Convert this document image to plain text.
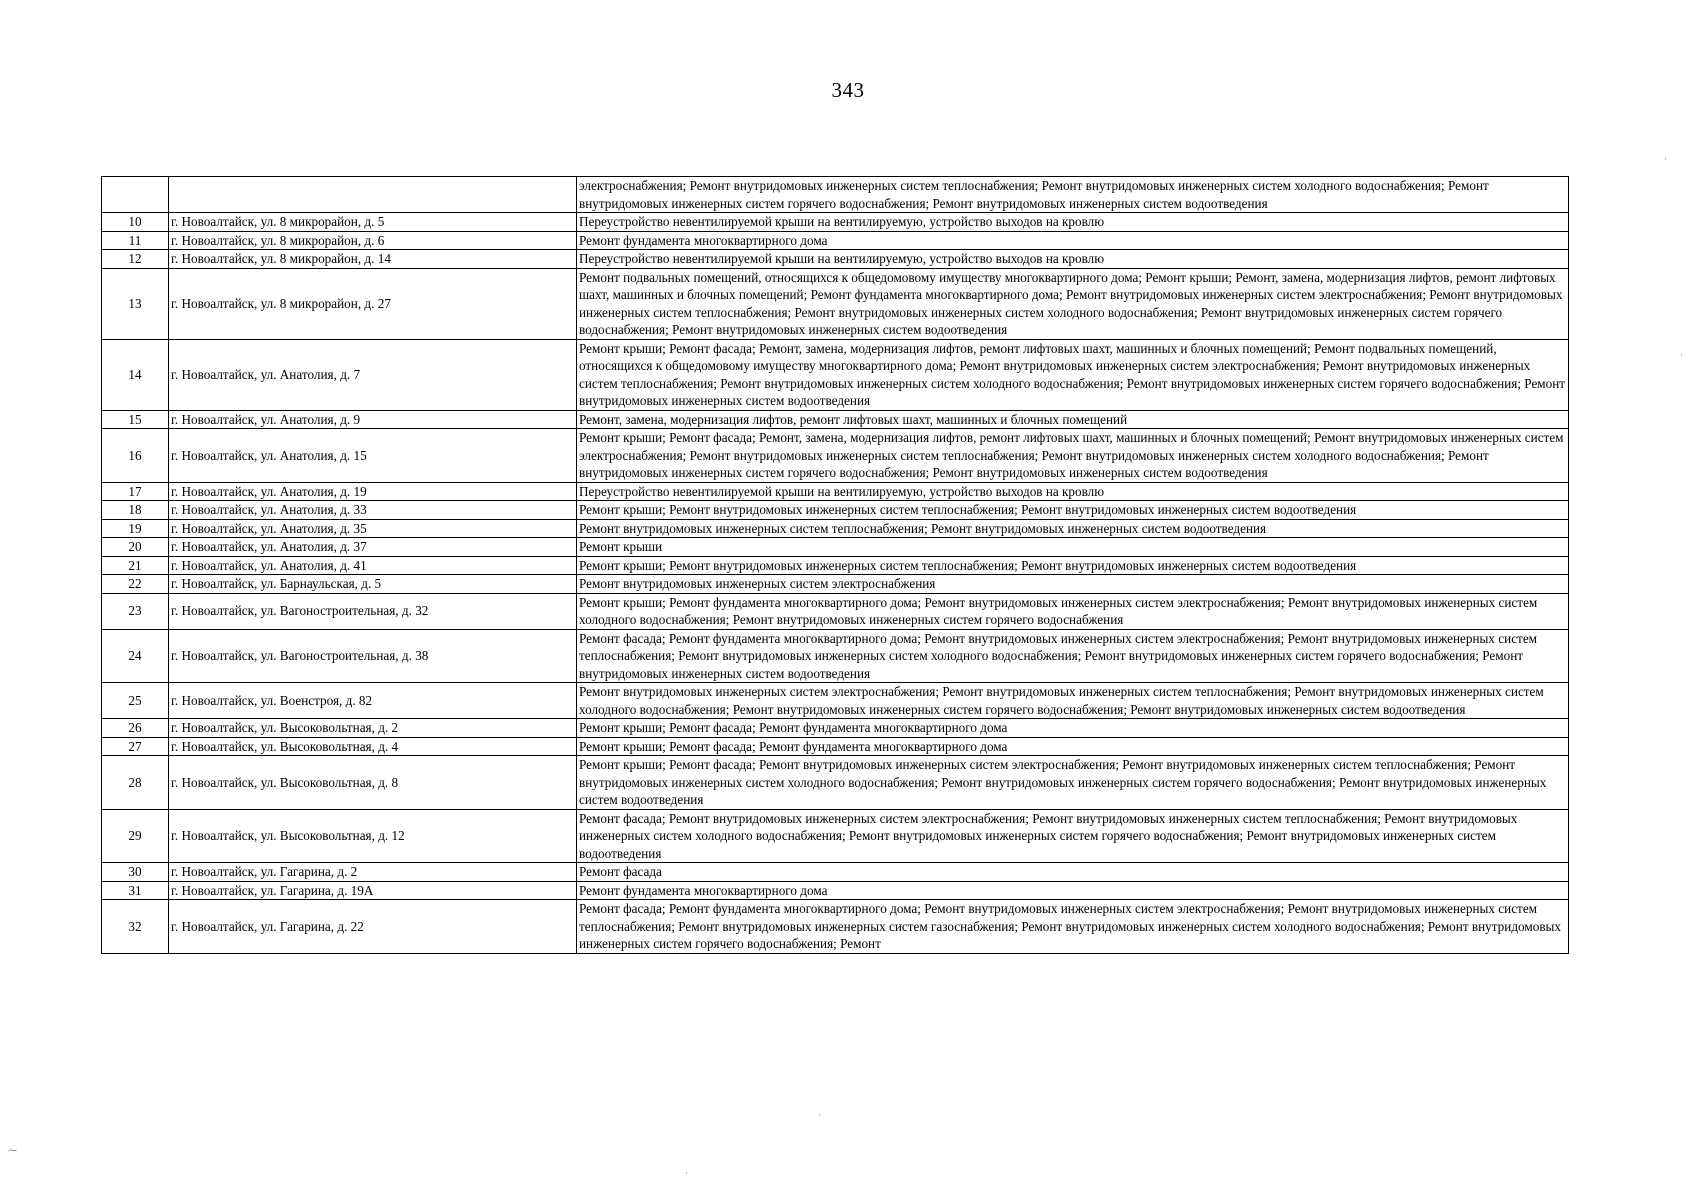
343
		электроснабжения; Ремонт внутридомовых инженерных систем теплоснабжения; Ремонт внутридомовых инженерных систем холодного водоснабжения; Ремонт внутридомовых инженерных систем горячего водоснабжения; Ремонт внутридомовых инженерных систем водоотведения
10	г. Новоалтайск, ул. 8 микрорайон, д. 5	Переустройство невентилируемой крыши на вентилируемую, устройство выходов на кровлю
11	г. Новоалтайск, ул. 8 микрорайон, д. 6	Ремонт фундамента многоквартирного дома
12	г. Новоалтайск, ул. 8 микрорайон, д. 14	Переустройство невентилируемой крыши на вентилируемую, устройство выходов на кровлю
13	г. Новоалтайск, ул. 8 микрорайон, д. 27	Ремонт подвальных помещений, относящихся к общедомовому имуществу многоквартирного дома; Ремонт крыши; Ремонт, замена, модернизация лифтов, ремонт лифтовых шахт, машинных и блочных помещений; Ремонт фундамента многоквартирного дома; Ремонт внутридомовых инженерных систем электроснабжения; Ремонт внутридомовых инженерных систем теплоснабжения; Ремонт внутридомовых инженерных систем холодного водоснабжения; Ремонт внутридомовых инженерных систем горячего водоснабжения; Ремонт внутридомовых инженерных систем водоотведения
14	г. Новоалтайск, ул. Анатолия, д. 7	Ремонт крыши; Ремонт фасада; Ремонт, замена, модернизация лифтов, ремонт лифтовых шахт, машинных и блочных помещений; Ремонт подвальных помещений, относящихся к общедомовому имуществу многоквартирного дома; Ремонт внутридомовых инженерных систем электроснабжения; Ремонт внутридомовых инженерных систем теплоснабжения; Ремонт внутридомовых инженерных систем холодного водоснабжения; Ремонт внутридомовых инженерных систем горячего водоснабжения; Ремонт внутридомовых инженерных систем водоотведения
15	г. Новоалтайск, ул. Анатолия, д. 9	Ремонт, замена, модернизация лифтов, ремонт лифтовых шахт, машинных и блочных помещений
16	г. Новоалтайск, ул. Анатолия, д. 15	Ремонт крыши; Ремонт фасада; Ремонт, замена, модернизация лифтов, ремонт лифтовых шахт, машинных и блочных помещений; Ремонт внутридомовых инженерных систем электроснабжения; Ремонт внутридомовых инженерных систем теплоснабжения; Ремонт внутридомовых инженерных систем холодного водоснабжения; Ремонт внутридомовых инженерных систем горячего водоснабжения; Ремонт внутридомовых инженерных систем водоотведения
17	г. Новоалтайск, ул. Анатолия, д. 19	Переустройство невентилируемой крыши на вентилируемую, устройство выходов на кровлю
18	г. Новоалтайск, ул. Анатолия, д. 33	Ремонт крыши; Ремонт внутридомовых инженерных систем теплоснабжения; Ремонт внутридомовых инженерных систем водоотведения
19	г. Новоалтайск, ул. Анатолия, д. 35	Ремонт внутридомовых инженерных систем теплоснабжения; Ремонт внутридомовых инженерных систем водоотведения
20	г. Новоалтайск, ул. Анатолия, д. 37	Ремонт крыши
21	г. Новоалтайск, ул. Анатолия, д. 41	Ремонт крыши; Ремонт внутридомовых инженерных систем теплоснабжения; Ремонт внутридомовых инженерных систем водоотведения
22	г. Новоалтайск, ул. Барнаульская, д. 5	Ремонт внутридомовых инженерных систем электроснабжения
23	г. Новоалтайск, ул. Вагоностроительная, д. 32	Ремонт крыши; Ремонт фундамента многоквартирного дома; Ремонт внутридомовых инженерных систем электроснабжения; Ремонт внутридомовых инженерных систем холодного водоснабжения; Ремонт внутридомовых инженерных систем горячего водоснабжения
24	г. Новоалтайск, ул. Вагоностроительная, д. 38	Ремонт фасада; Ремонт фундамента многоквартирного дома; Ремонт внутридомовых инженерных систем электроснабжения; Ремонт внутридомовых инженерных систем теплоснабжения; Ремонт внутридомовых инженерных систем холодного водоснабжения; Ремонт внутридомовых инженерных систем горячего водоснабжения; Ремонт внутридомовых инженерных систем водоотведения
25	г. Новоалтайск, ул. Военстроя, д. 82	Ремонт внутридомовых инженерных систем электроснабжения; Ремонт внутридомовых инженерных систем теплоснабжения; Ремонт внутридомовых инженерных систем холодного водоснабжения; Ремонт внутридомовых инженерных систем горячего водоснабжения; Ремонт внутридомовых инженерных систем водоотведения
26	г. Новоалтайск, ул. Высоковольтная, д. 2	Ремонт крыши; Ремонт фасада; Ремонт фундамента многоквартирного дома
27	г. Новоалтайск, ул. Высоковольтная, д. 4	Ремонт крыши; Ремонт фасада; Ремонт фундамента многоквартирного дома
28	г. Новоалтайск, ул. Высоковольтная, д. 8	Ремонт крыши; Ремонт фасада; Ремонт внутридомовых инженерных систем электроснабжения; Ремонт внутридомовых инженерных систем теплоснабжения; Ремонт внутридомовых инженерных систем холодного водоснабжения; Ремонт внутридомовых инженерных систем горячего водоснабжения; Ремонт внутридомовых инженерных систем водоотведения
29	г. Новоалтайск, ул. Высоковольтная, д. 12	Ремонт фасада; Ремонт внутридомовых инженерных систем электроснабжения; Ремонт внутридомовых инженерных систем теплоснабжения; Ремонт внутридомовых инженерных систем холодного водоснабжения; Ремонт внутридомовых инженерных систем горячего водоснабжения; Ремонт внутридомовых инженерных систем водоотведения
30	г. Новоалтайск, ул. Гагарина, д. 2	Ремонт фасада
31	г. Новоалтайск, ул. Гагарина, д. 19А	Ремонт фундамента многоквартирного дома
32	г. Новоалтайск, ул. Гагарина, д. 22	Ремонт фасада; Ремонт фундамента многоквартирного дома; Ремонт внутридомовых инженерных систем электроснабжения; Ремонт внутридомовых инженерных систем теплоснабжения; Ремонт внутридомовых инженерных систем газоснабжения; Ремонт внутридомовых инженерных систем холодного водоснабжения; Ремонт внутридомовых инженерных систем горячего водоснабжения; Ремонт
·
·
·
·
⁓
